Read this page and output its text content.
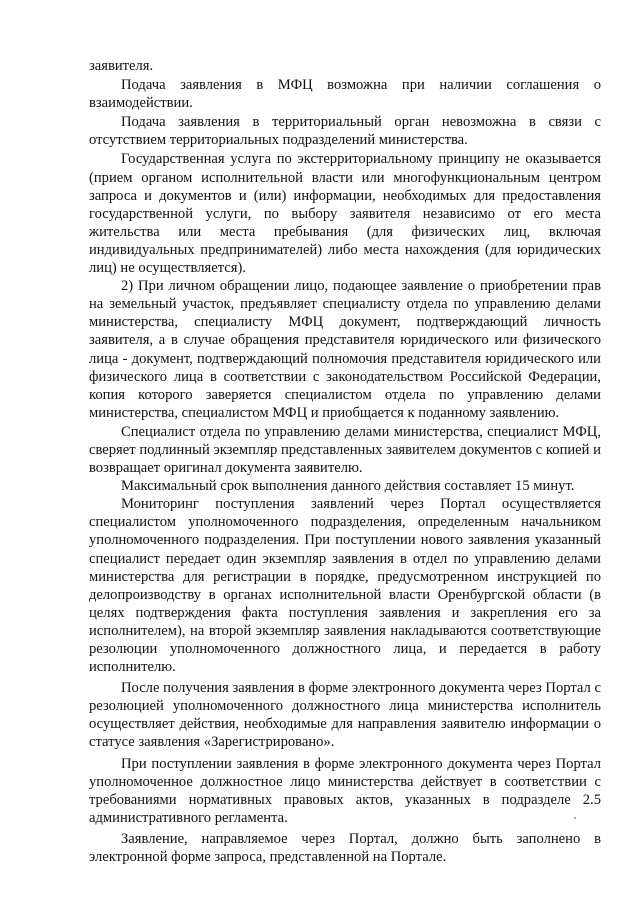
заявителя.

Подача заявления в МФЦ возможна при наличии соглашения о взаимодействии.

Подача заявления в территориальный орган невозможна в связи с отсутствием территориальных подразделений министерства.

Государственная услуга по экстерриториальному принципу не оказывается (прием органом исполнительной власти или многофункциональным центром запроса и документов и (или) информации, необходимых для предоставления государственной услуги, по выбору заявителя независимо от его места жительства или места пребывания (для физических лиц, включая индивидуальных предпринимателей) либо места нахождения (для юридических лиц) не осуществляется).

2) При личном обращении лицо, подающее заявление о приобретении прав на земельный участок, предъявляет специалисту отдела по управлению делами министерства, специалисту МФЦ документ, подтверждающий личность заявителя, а в случае обращения представителя юридического или физического лица - документ, подтверждающий полномочия представителя юридического или физического лица в соответствии с законодательством Российской Федерации, копия которого заверяется специалистом отдела по управлению делами министерства, специалистом МФЦ и приобщается к поданному заявлению.

Специалист отдела по управлению делами министерства, специалист МФЦ, сверяет подлинный экземпляр представленных заявителем документов с копией и возвращает оригинал документа заявителю.

Максимальный срок выполнения данного действия составляет 15 минут.

Мониторинг поступления заявлений через Портал осуществляется специалистом уполномоченного подразделения, определенным начальником уполномоченного подразделения. При поступлении нового заявления указанный специалист передает один экземпляр заявления в отдел по управлению делами министерства для регистрации в порядке, предусмотренном инструкцией по делопроизводству в органах исполнительной власти Оренбургской области (в целях подтверждения факта поступления заявления и закрепления его за исполнителем), на второй экземпляр заявления накладываются соответствующие резолюции уполномоченного должностного лица, и передается в работу исполнителю.

После получения заявления в форме электронного документа через Портал с резолюцией уполномоченного должностного лица министерства исполнитель осуществляет действия, необходимые для направления заявителю информации о статусе заявления «Зарегистрировано».

При поступлении заявления в форме электронного документа через Портал уполномоченное должностное лицо министерства действует в соответствии с требованиями нормативных правовых актов, указанных в подразделе 2.5 административного регламента.

Заявление, направляемое через Портал, должно быть заполнено в электронной форме запроса, представленной на Портале.
